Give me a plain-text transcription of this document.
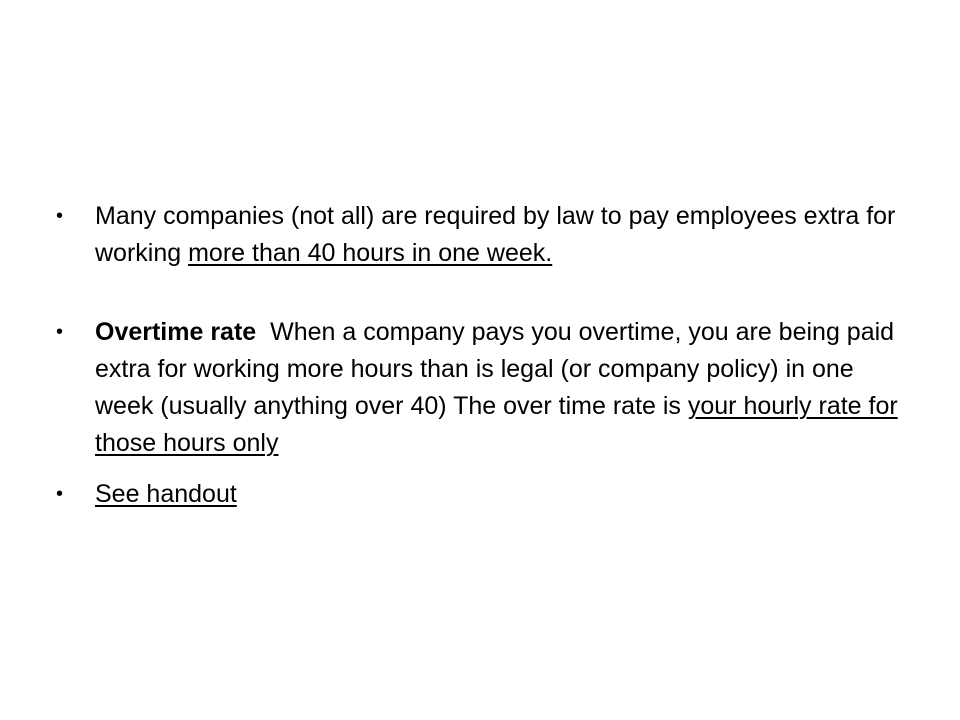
• Many companies (not all) are required by law to pay employees extra for working more than 40 hours in one week.
• Overtime rate  When a company pays you overtime, you are being paid extra for working more hours than is legal (or company policy) in one week (usually anything over 40) The over time rate is your hourly rate for those hours only
• See handout
